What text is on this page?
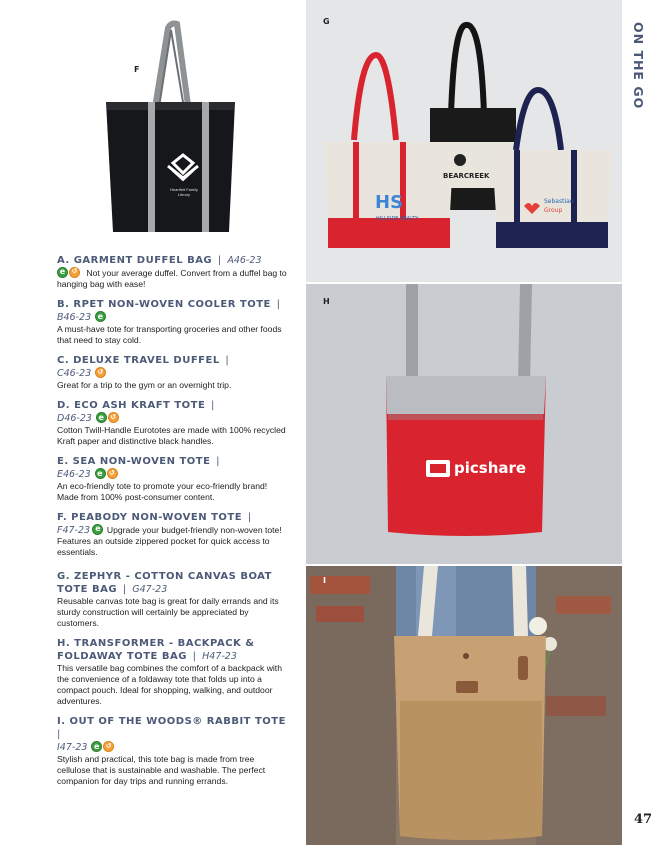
F
Heartfelt Family
Library
A. GARMENT DUFFEL BAG | A46-23
e↺ Not your average duffel. Convert from a duffel bag to hanging bag with ease!
B. RPET NON-WOVEN COOLER TOTE |
B46-23 e
A must-have tote for transporting groceries and other foods that need to stay cold.
C. DELUXE TRAVEL DUFFEL |
C46-23 ↺
Great for a trip to the gym or an overnight trip.
D. ECO ASH KRAFT TOTE |
D46-23 e↺
Cotton Twill-Handle Eurototes are made with 100% recycled Kraft paper and distinctive black handles.
E. SEA NON-WOVEN TOTE |
E46-23 e↺
An eco-friendly tote to promote your eco-friendly brand! Made from 100% post-consumer content.
F. PEABODY NON-WOVEN TOTE |
F47-23 e Upgrade your budget-friendly non-woven tote! Features an outside zippered pocket for quick access to essentials.
G. ZEPHYR - COTTON CANVAS BOAT TOTE BAG | G47-23
Reusable canvas tote bag is great for daily errands and its sturdy construction will certainly be appreciated by customers.
H. TRANSFORMER - BACKPACK & FOLDAWAY TOTE BAG | H47-23
This versatile bag combines the comfort of a backpack with the convenience of a foldaway tote that folds up into a compact pouch. Ideal for shopping, walking, and outdoor adventures.
I. OUT OF THE WOODS® RABBIT TOTE |
I47-23 e↺
Stylish and practical, this tote bag is made from tree cellulose that is sustainable and washable. The perfect companion for day trips and running errands.
G
HS
HILLSIDE REALTY
BEARCREEK
Sebastian
Group
H
picshare
I
ON THE GO
47
